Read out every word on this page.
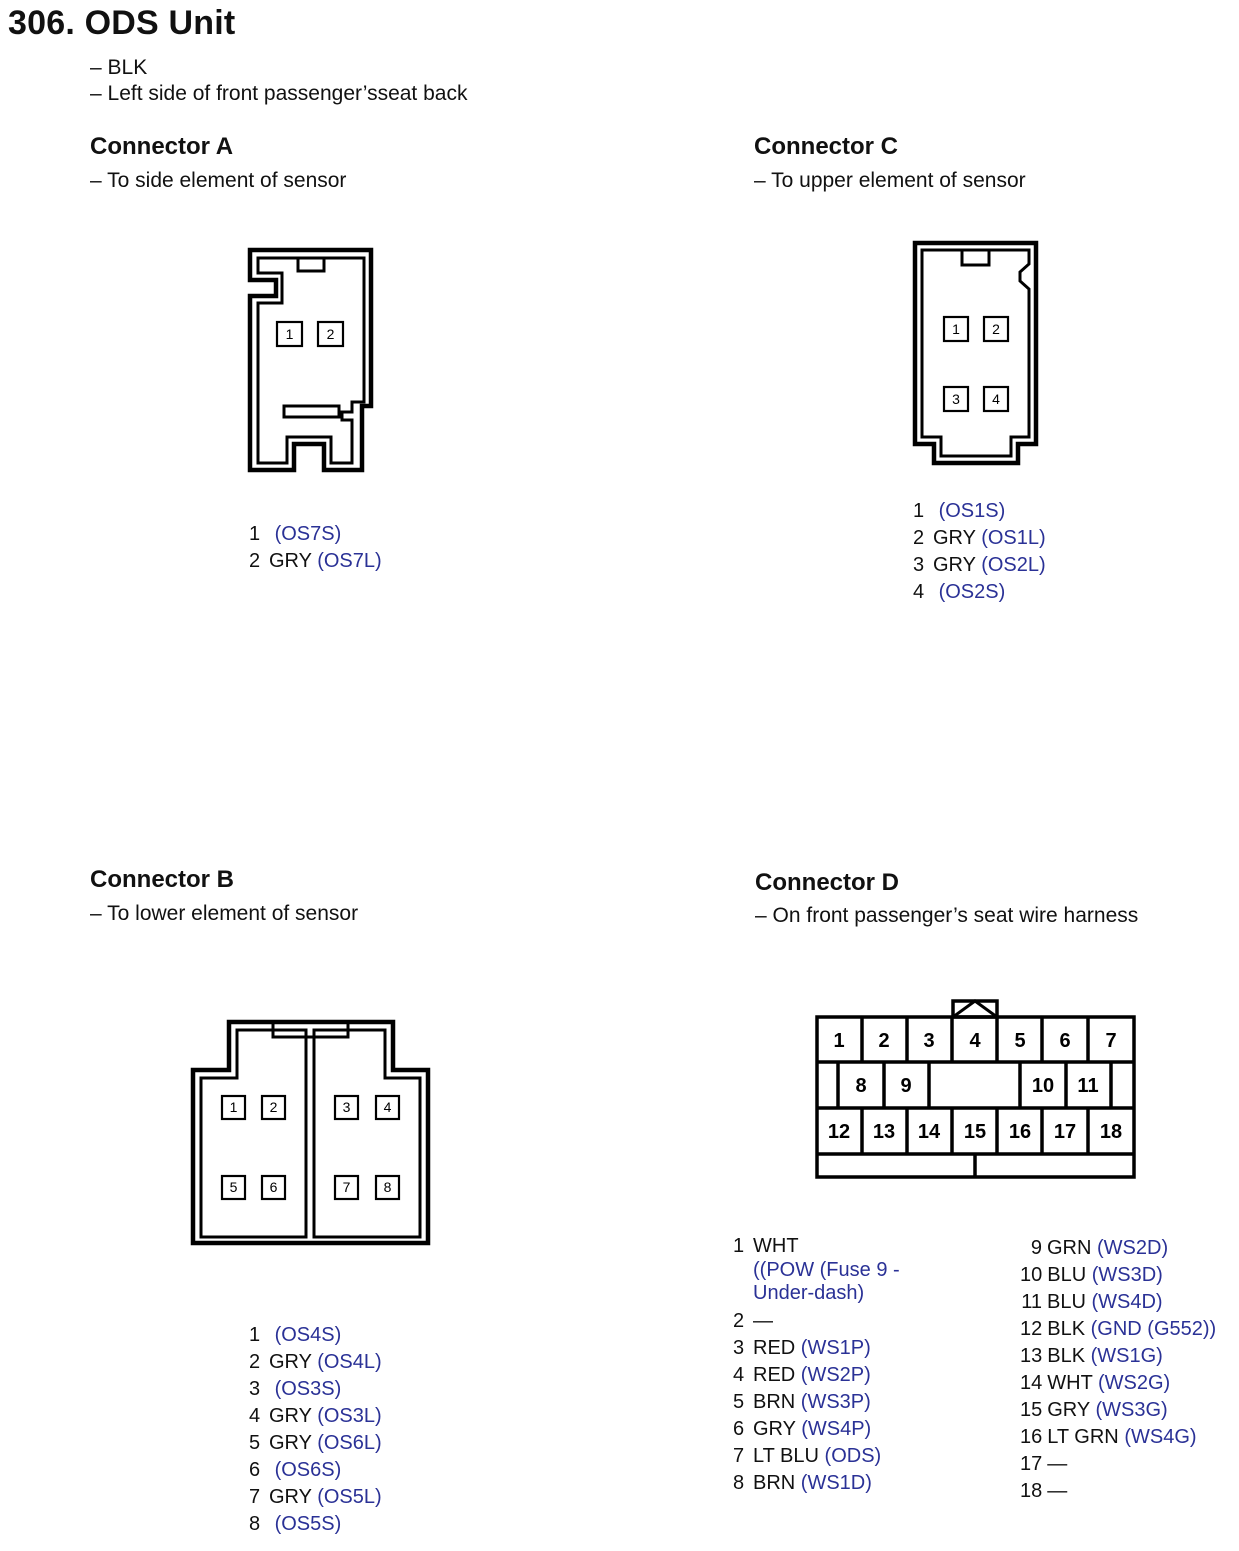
306. ODS Unit
– BLK
– Left side of front passenger’sseat back
Connector A
– To side element of sensor
Connector C
– To upper element of sensor
Connector B
– To lower element of sensor
Connector D
– On front passenger’s seat wire harness
1 2	1 2
3 4
1 2	3 4
5 6	7 8
1 2 3 4 5 6 7
8 9	10 11
12 13 14 15 16 17 18
1 (OS7S)
2 GRY (OS7L)
1 (OS1S)
2 GRY (OS1L)
3 GRY (OS2L)
4 (OS2S)
1 (OS4S)
2 GRY (OS4L)
3 (OS3S)
4 GRY (OS3L)
5 GRY (OS6L)
6 (OS6S)
7 GRY (OS5L)
8 (OS5S)
1 WHT
((POW (Fuse 9 -
Under-dash)
2 —
3 RED (WS1P)
4 RED (WS2P)
5 BRN (WS3P)
6 GRY (WS4P)
7 LT BLU (ODS)
8 BRN (WS1D)
9 GRN (WS2D)
10 BLU (WS3D)
11 BLU (WS4D)
12 BLK (GND (G552))
13 BLK (WS1G)
14 WHT (WS2G)
15 GRY (WS3G)
16 LT GRN (WS4G)
17 —
18 —
